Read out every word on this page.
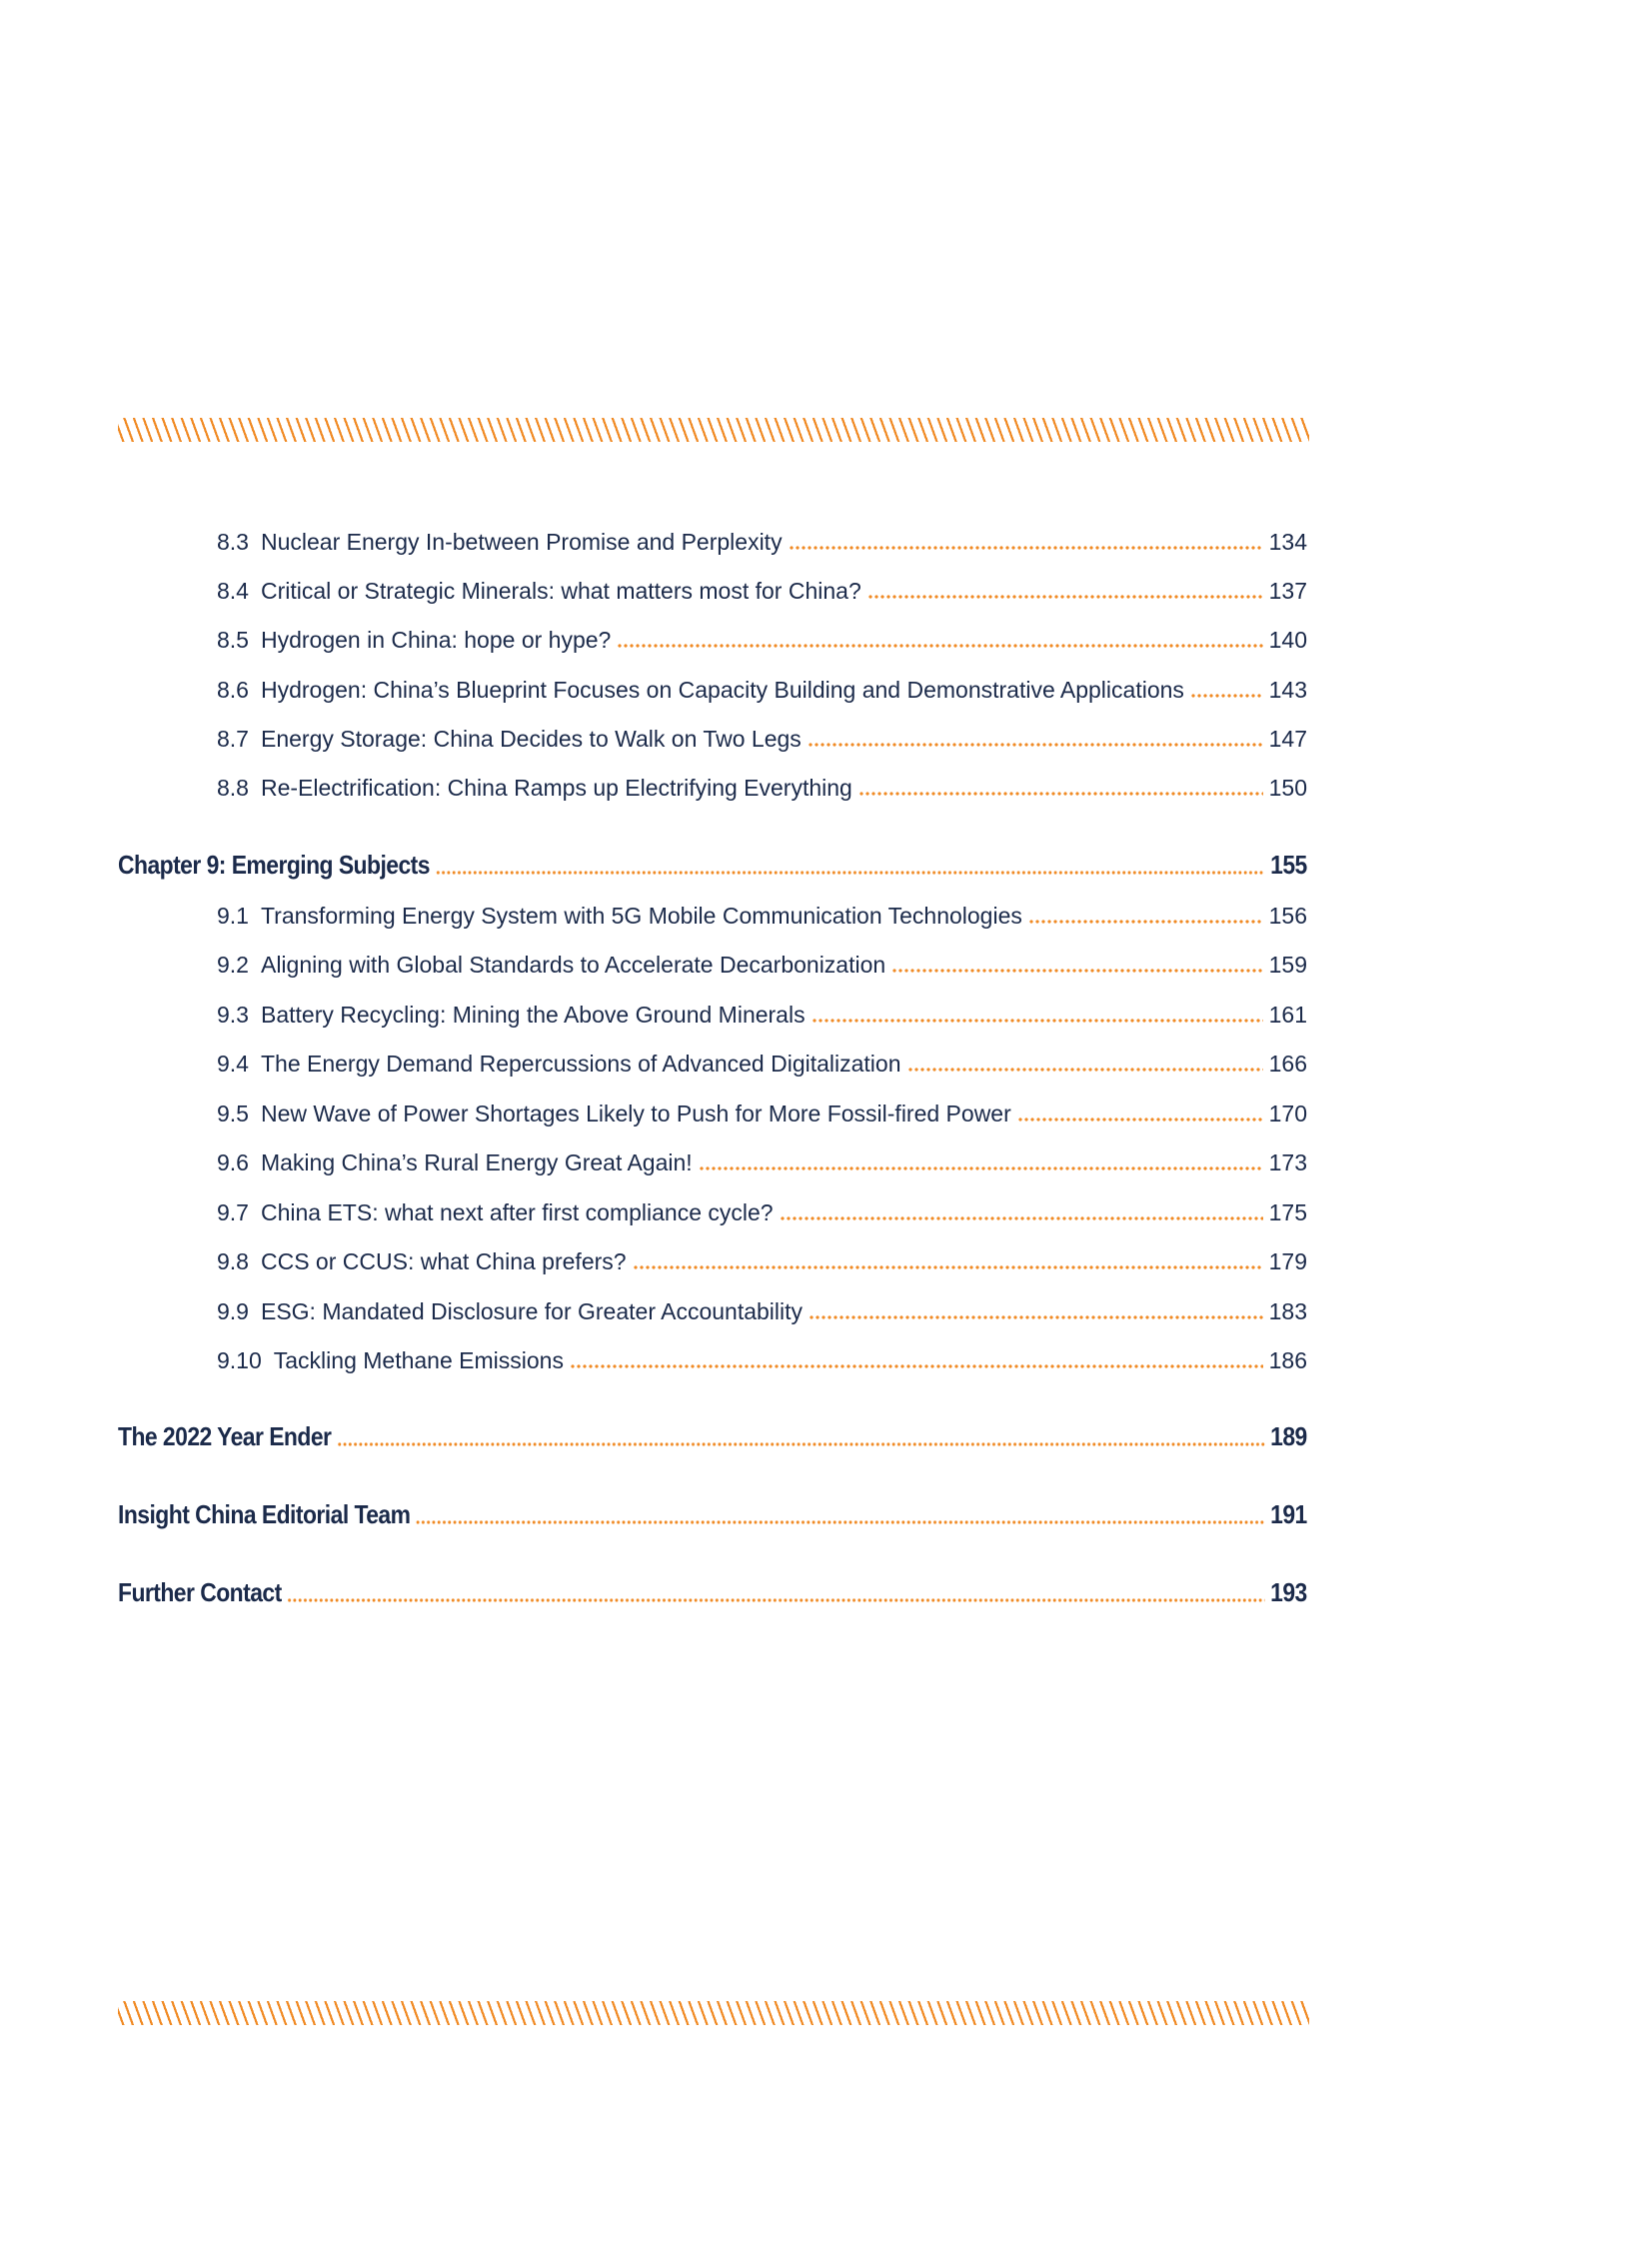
8.3 Nuclear Energy In-between Promise and Perplexity	134
8.4 Critical or Strategic Minerals: what matters most for China?	137
8.5 Hydrogen in China: hope or hype?	140
8.6 Hydrogen: China’s Blueprint Focuses on Capacity Building and Demonstrative Applications	143
8.7 Energy Storage: China Decides to Walk on Two Legs	147
8.8 Re-Electrification: China Ramps up Electrifying Everything	150
Chapter 9: Emerging Subjects	155
9.1 Transforming Energy System with 5G Mobile Communication Technologies	156
9.2 Aligning with Global Standards to Accelerate Decarbonization	159
9.3 Battery Recycling: Mining the Above Ground Minerals	161
9.4 The Energy Demand Repercussions of Advanced Digitalization	166
9.5 New Wave of Power Shortages Likely to Push for More Fossil-fired Power	170
9.6 Making China’s Rural Energy Great Again!	173
9.7 China ETS: what next after first compliance cycle?	175
9.8 CCS or CCUS: what China prefers?	179
9.9 ESG: Mandated Disclosure for Greater Accountability	183
9.10 Tackling Methane Emissions	186
The 2022 Year Ender	189
Insight China Editorial Team	191
Further Contact	193
